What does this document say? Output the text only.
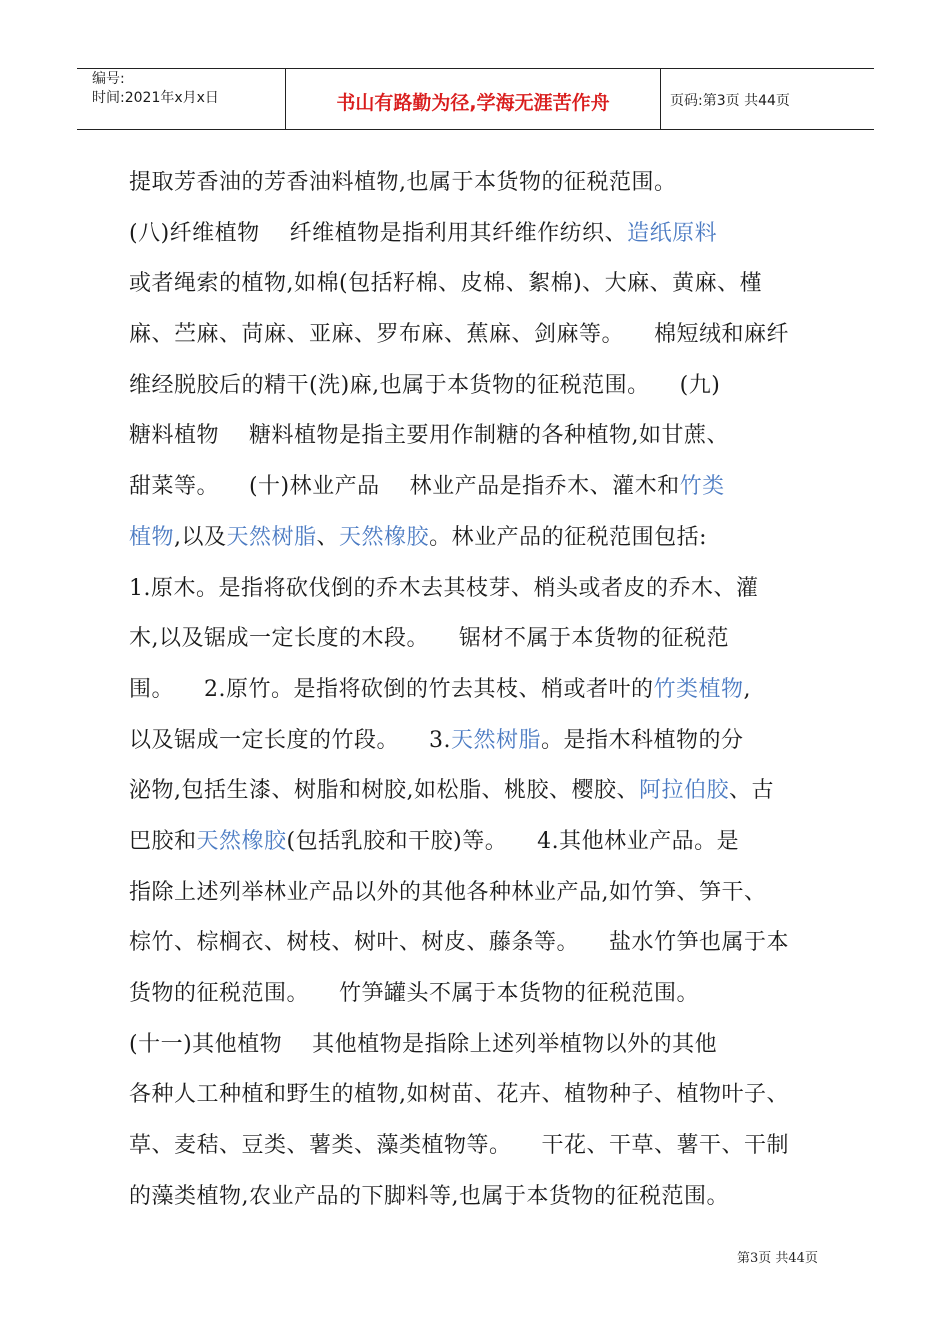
编号:
时间:2021年x月x日	书山有路勤为径,学海无涯苦作舟	页码:第3页 共44页
提取芳香油的芳香油料植物,也属于本货物的征税范围。
(八)纤维植物    纤维植物是指利用其纤维作纺织、造纸原料
或者绳索的植物,如棉(包括籽棉、皮棉、絮棉)、大麻、黄麻、槿
麻、苎麻、苘麻、亚麻、罗布麻、蕉麻、剑麻等。    棉短绒和麻纤
维经脱胶后的精干(洗)麻,也属于本货物的征税范围。    (九)
糖料植物    糖料植物是指主要用作制糖的各种植物,如甘蔗、
甜菜等。    (十)林业产品    林业产品是指乔木、灌木和竹类
植物,以及天然树脂、天然橡胶。林业产品的征税范围包括:
1.原木。是指将砍伐倒的乔木去其枝芽、梢头或者皮的乔木、灌
木,以及锯成一定长度的木段。    锯材不属于本货物的征税范
围。    2.原竹。是指将砍倒的竹去其枝、梢或者叶的竹类植物,
以及锯成一定长度的竹段。    3.天然树脂。是指木科植物的分
泌物,包括生漆、树脂和树胶,如松脂、桃胶、樱胶、阿拉伯胶、古
巴胶和天然橡胶(包括乳胶和干胶)等。    4.其他林业产品。是
指除上述列举林业产品以外的其他各种林业产品,如竹笋、笋干、
棕竹、棕榈衣、树枝、树叶、树皮、藤条等。    盐水竹笋也属于本
货物的征税范围。    竹笋罐头不属于本货物的征税范围。
(十一)其他植物    其他植物是指除上述列举植物以外的其他
各种人工种植和野生的植物,如树苗、花卉、植物种子、植物叶子、
草、麦秸、豆类、薯类、藻类植物等。    干花、干草、薯干、干制
的藻类植物,农业产品的下脚料等,也属于本货物的征税范围。
第3页 共44页
